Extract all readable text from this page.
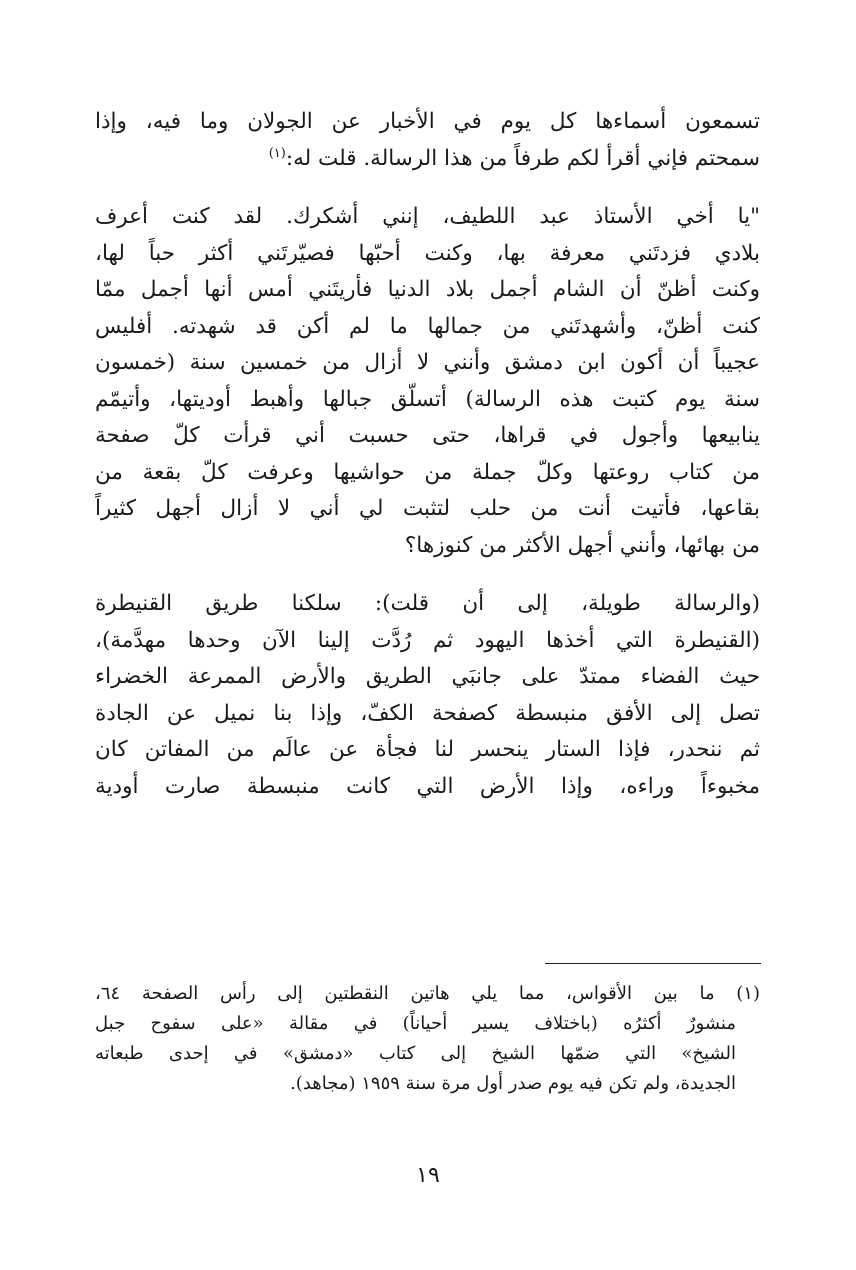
تسمعون أسماءها كل يوم في الأخبار عن الجولان وما فيه، وإذا
سمحتم فإني أقرأ لكم طرفاً من هذا الرسالة. قلت له:$^{(١)}$

"يا أخي الأستاذ عبد اللطيف، إنني أشكرك. لقد كنت أعرف
بلادي فزدتَني معرفة بها، وكنت أحبّها فصيّرتَني أكثر حباً لها،
وكنت أظنّ أن الشام أجمل بلاد الدنيا فأريتَني أمس أنها أجمل ممّا
كنت أظنّ، وأشهدتَني من جمالها ما لم أكن قد شهدته. أفليس
عجيباً أن أكون ابن دمشق وأنني لا أزال من خمسين سنة (خمسون
سنة يوم كتبت هذه الرسالة) أتسلّق جبالها وأهبط أوديتها، وأتيمّم
ينابيعها وأجول في قراها، حتى حسبت أني قرأت كلّ صفحة
من كتاب روعتها وكلّ جملة من حواشيها وعرفت كلّ بقعة من
بقاعها، فأتيت أنت من حلب لتثبت لي أني لا أزال أجهل كثيراً
من بهائها، وأنني أجهل الأكثر من كنوزها؟

(والرسالة طويلة، إلى أن قلت): سلكنا طريق القنيطرة
(القنيطرة التي أخذها اليهود ثم رُدَّت إلينا الآن وحدها مهدَّمة)،
حيث الفضاء ممتدّ على جانبَي الطريق والأرض الممرعة الخضراء
تصل إلى الأفق منبسطة كصفحة الكفّ، وإذا بنا نميل عن الجادة
ثم ننحدر، فإذا الستار ينحسر لنا فجأة عن عالَم من المفاتن كان
مخبوءاً وراءه، وإذا الأرض التي كانت منبسطة صارت أودية

(١) ما بين الأقواس، مما يلي هاتين النقطتين إلى رأس الصفحة ٦٤،
منشورٌ أكثرُه (باختلاف يسير أحياناً) في مقالة «على سفوح جبل
الشيخ» التي ضمّها الشيخ إلى كتاب «دمشق» في إحدى طبعاته
الجديدة، ولم تكن فيه يوم صدر أول مرة سنة ١٩٥٩ (مجاهد).
١٩
